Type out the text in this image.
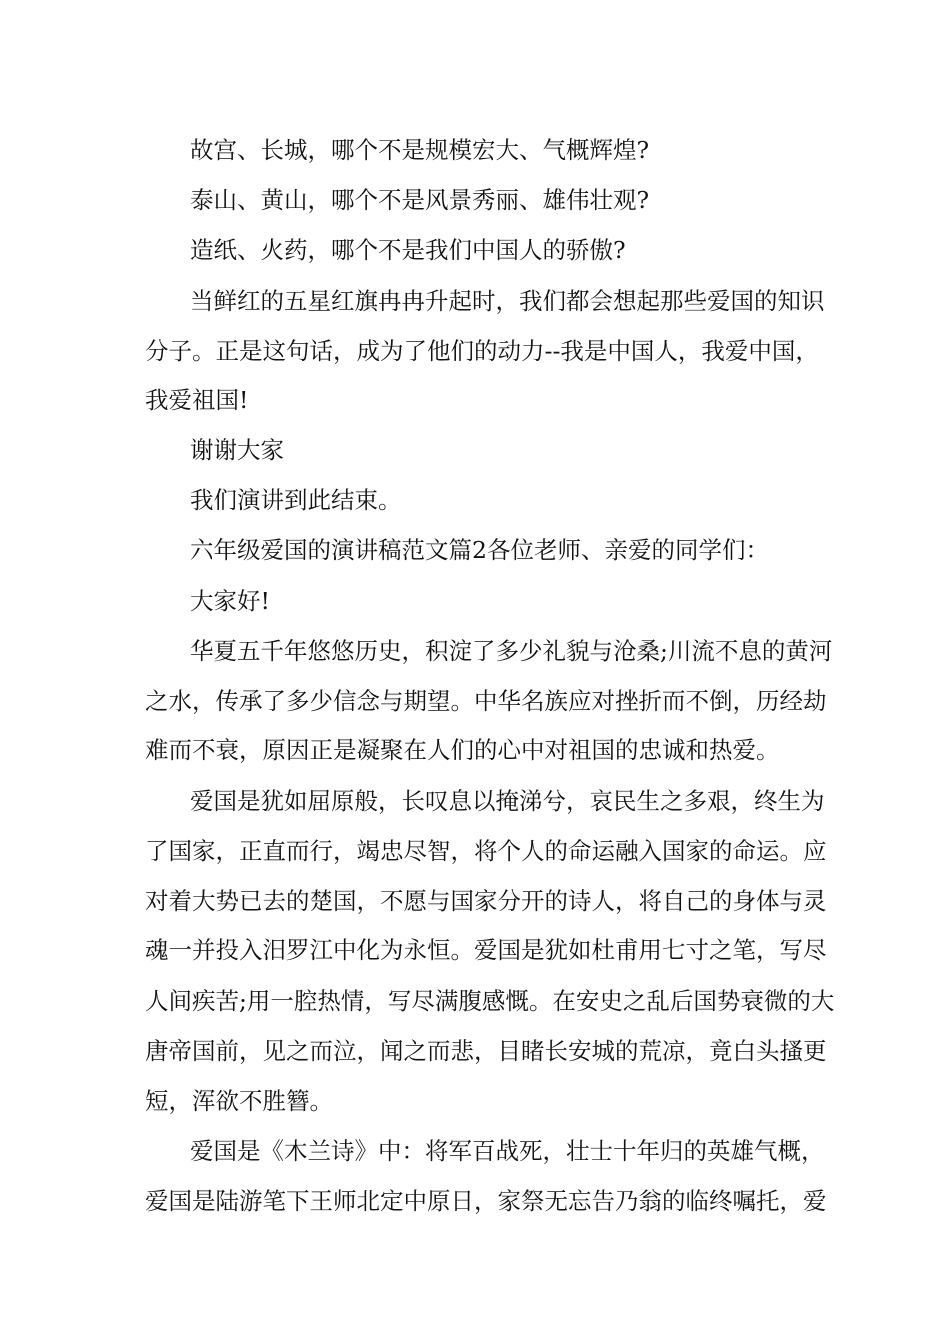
故宫、长城，哪个不是规模宏大、气概辉煌?
泰山、黄山，哪个不是风景秀丽、雄伟壮观?
造纸、火药，哪个不是我们中国人的骄傲?
当鲜红的五星红旗冉冉升起时，我们都会想起那些爱国的知识
分子。正是这句话，成为了他们的动力--我是中国人，我爱中国，
我爱祖国!
谢谢大家
我们演讲到此结束。
六年级爱国的演讲稿范文篇2各位老师、亲爱的同学们：
大家好!
华夏五千年悠悠历史，积淀了多少礼貌与沧桑;川流不息的黄河
之水，传承了多少信念与期望。中华名族应对挫折而不倒，历经劫
难而不衰，原因正是凝聚在人们的心中对祖国的忠诚和热爱。
爱国是犹如屈原般，长叹息以掩涕兮，哀民生之多艰，终生为
了国家，正直而行，竭忠尽智，将个人的命运融入国家的命运。应
对着大势已去的楚国，不愿与国家分开的诗人，将自己的身体与灵
魂一并投入汨罗江中化为永恒。爱国是犹如杜甫用七寸之笔，写尽
人间疾苦;用一腔热情，写尽满腹感慨。在安史之乱后国势衰微的大
唐帝国前，见之而泣，闻之而悲，目睹长安城的荒凉，竟白头搔更
短，浑欲不胜簪。
爱国是《木兰诗》中：将军百战死，壮士十年归的英雄气概，
爱国是陆游笔下王师北定中原日，家祭无忘告乃翁的临终嘱托，爱
